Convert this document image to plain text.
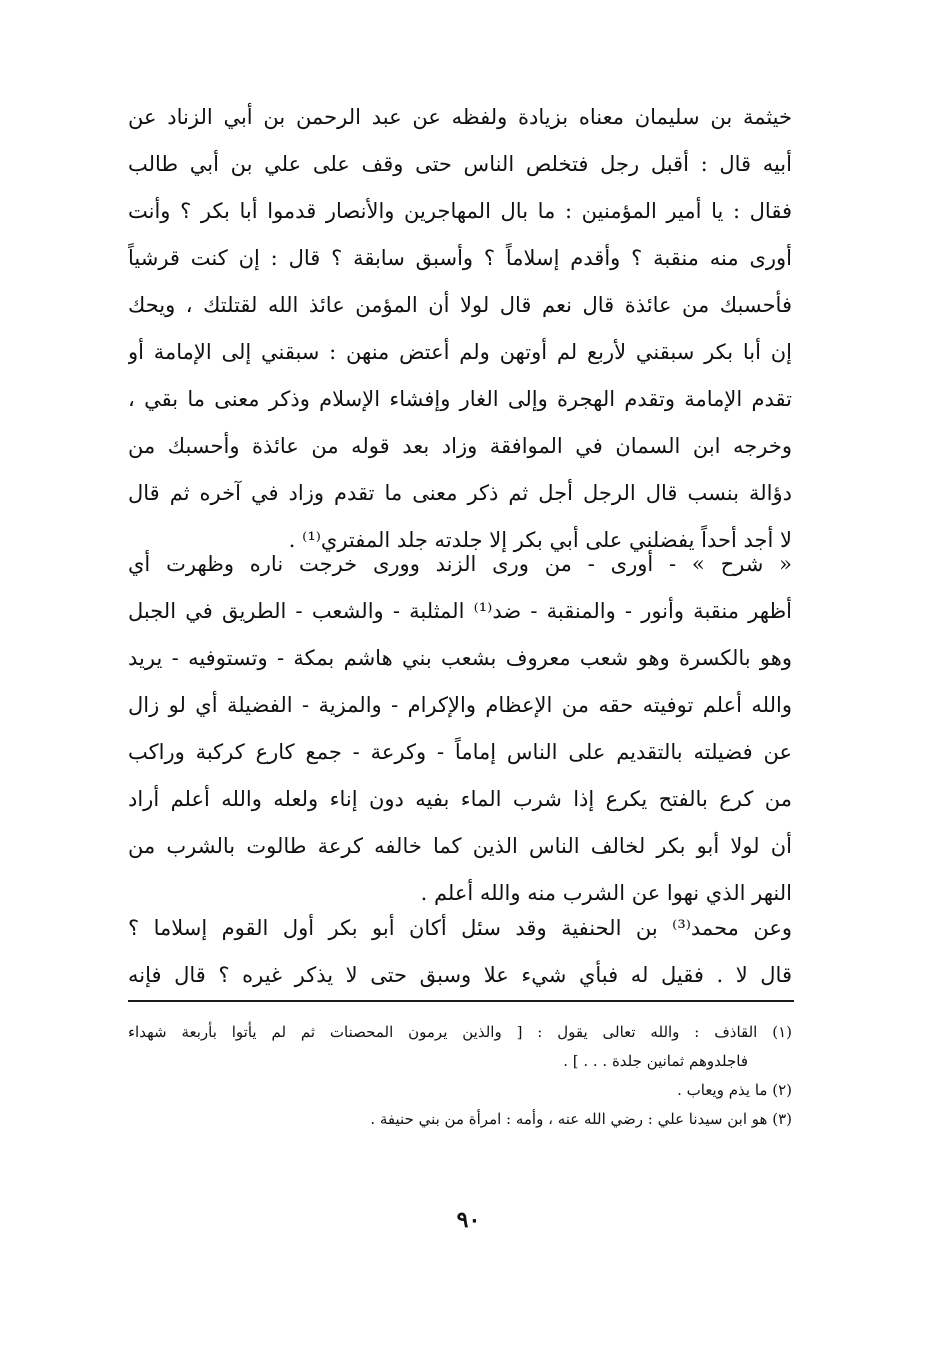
خيثمة بن سليمان معناه بزيادة ولفظه عن عبد الرحمن بن أبي الزناد عن
أبيه قال : أقبل رجل فتخلص الناس حتى وقف على علي بن أبي طالب
فقال : يا أمير المؤمنين : ما بال المهاجرين والأنصار قدموا أبا بكر ؟ وأنت
أورى منه منقبة ؟ وأقدم إسلاماً ؟ وأسبق سابقة ؟ قال : إن كنت قرشياً
فأحسبك من عائذة قال نعم قال لولا أن المؤمن عائذ الله لقتلتك ، ويحك
إن أبا بكر سبقني لأربع لم أوتهن ولم أعتض منهن : سبقني إلى الإمامة أو
تقدم الإمامة وتقدم الهجرة وإلى الغار وإفشاء الإسلام وذكر معنى ما بقي ،
وخرجه ابن السمان في الموافقة وزاد بعد قوله من عائذة وأحسبك من
دؤالة بنسب قال الرجل أجل ثم ذكر معنى ما تقدم وزاد في آخره ثم قال
لا أجد أحداً يفضلني على أبي بكر إلا جلدته جلد المفتري⁽¹⁾ .
« شرح » - أورى - من ورى الزند وورى خرجت ناره وظهرت أي
أظهر منقبة وأنور - والمنقبة - ضد⁽¹⁾ المثلبة - والشعب - الطريق في الجبل
وهو بالكسرة وهو شعب معروف بشعب بني هاشم بمكة - وتستوفيه - يريد
والله أعلم توفيته حقه من الإعظام والإكرام - والمزية - الفضيلة أي لو زال
عن فضيلته بالتقديم على الناس إماماً - وكرعة - جمع كارع كركبة وراكب
من كرع بالفتح يكرع إذا شرب الماء بفيه دون إناء ولعله والله أعلم أراد
أن لولا أبو بكر لخالف الناس الذين كما خالفه كرعة طالوت بالشرب من
النهر الذي نهوا عن الشرب منه والله أعلم .
وعن محمد⁽³⁾ بن الحنفية وقد سئل أكان أبو بكر أول القوم إسلاما ؟
قال لا . فقيل له فبأي شيء علا وسبق حتى لا يذكر غيره ؟ قال فإنه
(١) القاذف : والله تعالى يقول : [ والذين يرمون المحصنات ثم لم يأتوا بأربعة شهداء
فاجلدوهم ثمانين جلدة . . . ] .
(٢) ما يذم ويعاب .
(٣) هو ابن سيدنا علي : رضي الله عنه ، وأمه : امرأة من بني حنيفة .
٩٠
